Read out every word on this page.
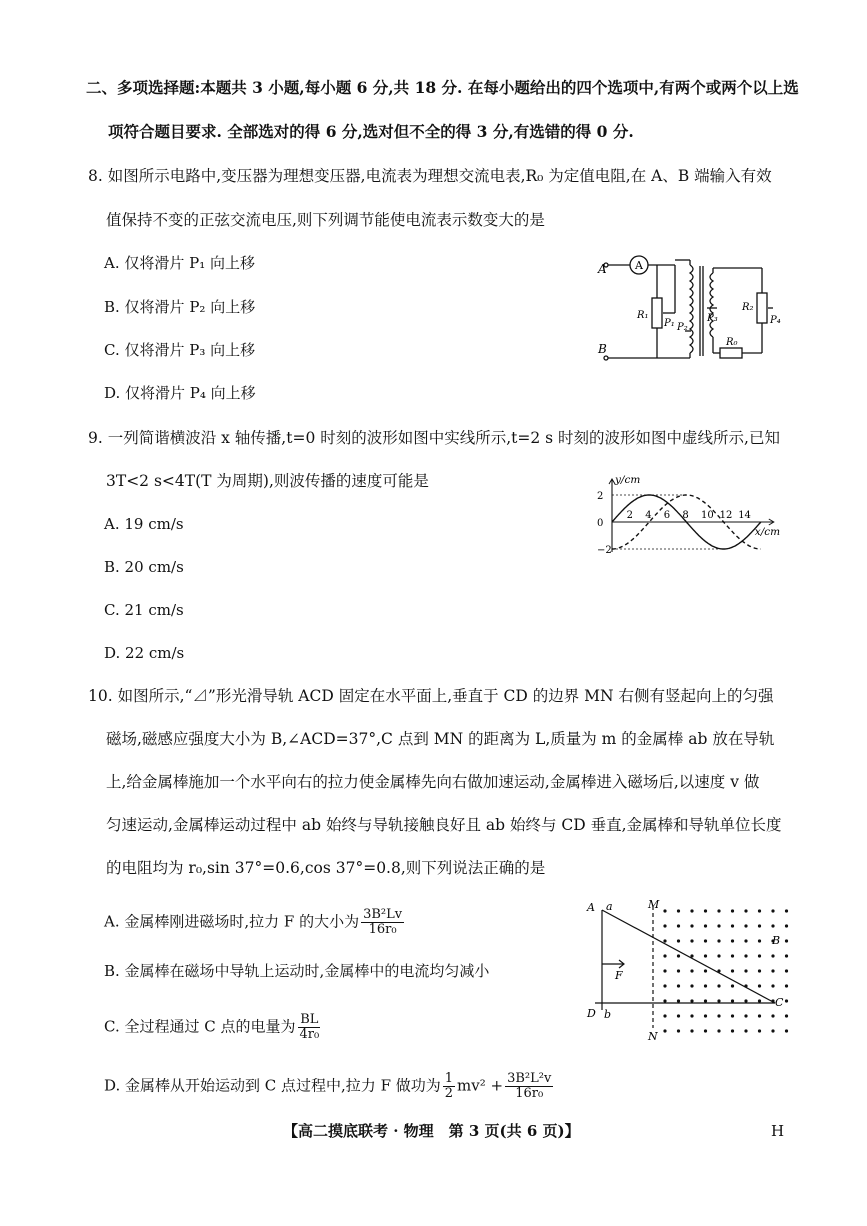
二、多项选择题:本题共 3 小题,每小题 6 分,共 18 分. 在每小题给出的四个选项中,有两个或两个以上选
项符合题目要求. 全部选对的得 6 分,选对但不全的得 3 分,有选错的得 0 分.
8. 如图所示电路中,变压器为理想变压器,电流表为理想交流电表,R₀ 为定值电阻,在 A、B 端输入有效
值保持不变的正弦交流电压,则下列调节能使电流表示数变大的是
A. 仅将滑片 P₁ 向上移
B. 仅将滑片 P₂ 向上移
C. 仅将滑片 P₃ 向上移
D. 仅将滑片 P₄ 向上移
A
B
A
R₁
P₁ P₂
P₃
R₂
P₄
R₀
9. 一列简谐横波沿 x 轴传播,t=0 时刻的波形如图中实线所示,t=2 s 时刻的波形如图中虚线所示,已知
3T<2 s<4T(T 为周期),则波传播的速度可能是
A. 19 cm/s
B. 20 cm/s
C. 21 cm/s
D. 22 cm/s
2 4 6 8 10 12 14
2
0
−2
y/cm
x/cm
10. 如图所示,“⊿”形光滑导轨 ACD 固定在水平面上,垂直于 CD 的边界 MN 右侧有竖起向上的匀强
磁场,磁感应强度大小为 B,∠ACD=37°,C 点到 MN 的距离为 L,质量为 m 的金属棒 ab 放在导轨
上,给金属棒施加一个水平向右的拉力使金属棒先向右做加速运动,金属棒进入磁场后,以速度 v 做
匀速运动,金属棒运动过程中 ab 始终与导轨接触良好且 ab 始终与 CD 垂直,金属棒和导轨单位长度
的电阻均为 r₀,sin 37°=0.6,cos 37°=0.8,则下列说法正确的是
A. 金属棒刚进磁场时,拉力 F 的大小为 $\frac{\text{3B²Lv}}{\text{16r₀}}$
B. 金属棒在磁场中导轨上运动时,金属棒中的电流均匀减小
C. 全过程通过 C 点的电量为 $\frac{BL}{\text{4r₀}}$
D. 金属棒从开始运动到 C 点过程中,拉力 F 做功为 $\frac{1}{2} mv^2 + \frac{\text{3B²L²v}}{\text{16r₀}}$
A a	M
B
F
C
D b
N
【高二摸底联考 · 物理　第 3 页(共 6 页)】	H
